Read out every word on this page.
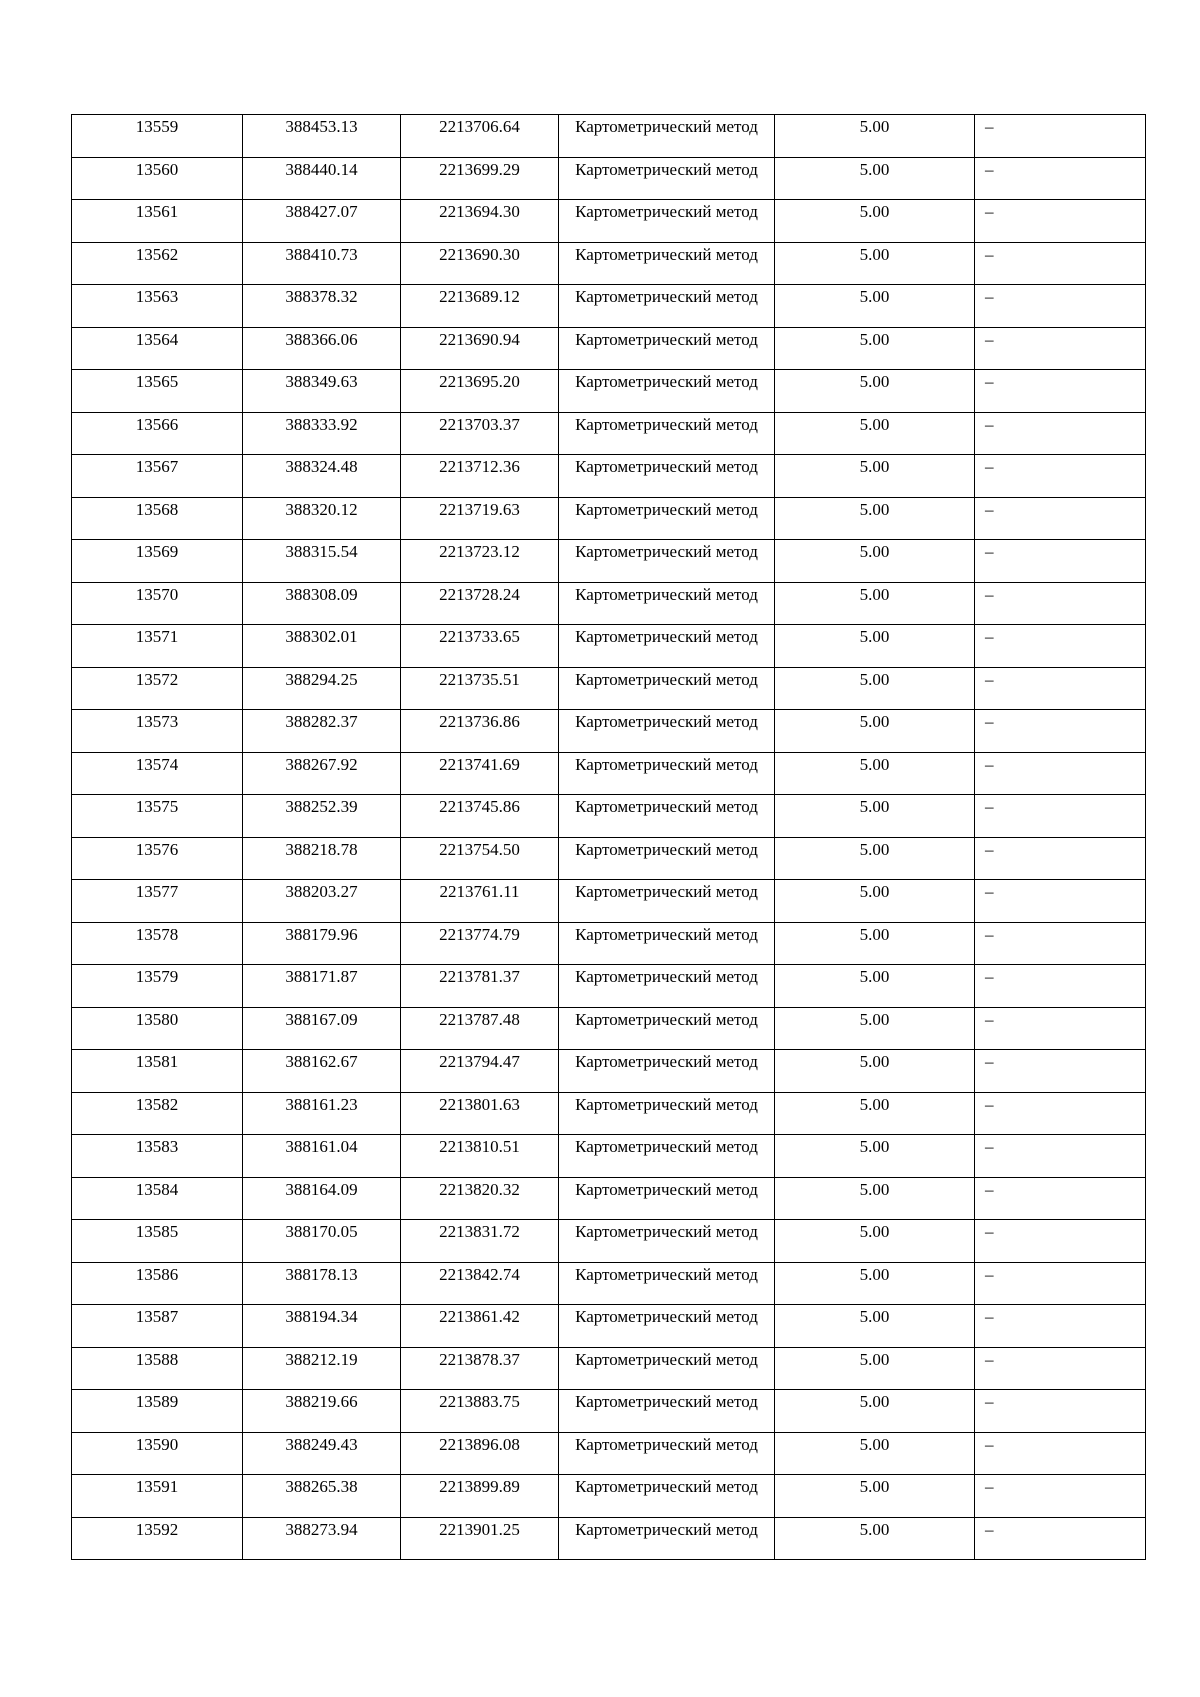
13559	388453.13	2213706.64	Картометрический метод	5.00	–

13560	388440.14	2213699.29	Картометрический метод	5.00	–

13561	388427.07	2213694.30	Картометрический метод	5.00	–

13562	388410.73	2213690.30	Картометрический метод	5.00	–

13563	388378.32	2213689.12	Картометрический метод	5.00	–

13564	388366.06	2213690.94	Картометрический метод	5.00	–

13565	388349.63	2213695.20	Картометрический метод	5.00	–

13566	388333.92	2213703.37	Картометрический метод	5.00	–

13567	388324.48	2213712.36	Картометрический метод	5.00	–

13568	388320.12	2213719.63	Картометрический метод	5.00	–

13569	388315.54	2213723.12	Картометрический метод	5.00	–

13570	388308.09	2213728.24	Картометрический метод	5.00	–

13571	388302.01	2213733.65	Картометрический метод	5.00	–

13572	388294.25	2213735.51	Картометрический метод	5.00	–

13573	388282.37	2213736.86	Картометрический метод	5.00	–

13574	388267.92	2213741.69	Картометрический метод	5.00	–

13575	388252.39	2213745.86	Картометрический метод	5.00	–

13576	388218.78	2213754.50	Картометрический метод	5.00	–

13577	388203.27	2213761.11	Картометрический метод	5.00	–

13578	388179.96	2213774.79	Картометрический метод	5.00	–

13579	388171.87	2213781.37	Картометрический метод	5.00	–

13580	388167.09	2213787.48	Картометрический метод	5.00	–

13581	388162.67	2213794.47	Картометрический метод	5.00	–

13582	388161.23	2213801.63	Картометрический метод	5.00	–

13583	388161.04	2213810.51	Картометрический метод	5.00	–

13584	388164.09	2213820.32	Картометрический метод	5.00	–

13585	388170.05	2213831.72	Картометрический метод	5.00	–

13586	388178.13	2213842.74	Картометрический метод	5.00	–

13587	388194.34	2213861.42	Картометрический метод	5.00	–

13588	388212.19	2213878.37	Картометрический метод	5.00	–

13589	388219.66	2213883.75	Картометрический метод	5.00	–

13590	388249.43	2213896.08	Картометрический метод	5.00	–

13591	388265.38	2213899.89	Картометрический метод	5.00	–

13592	388273.94	2213901.25	Картометрический метод	5.00	–
